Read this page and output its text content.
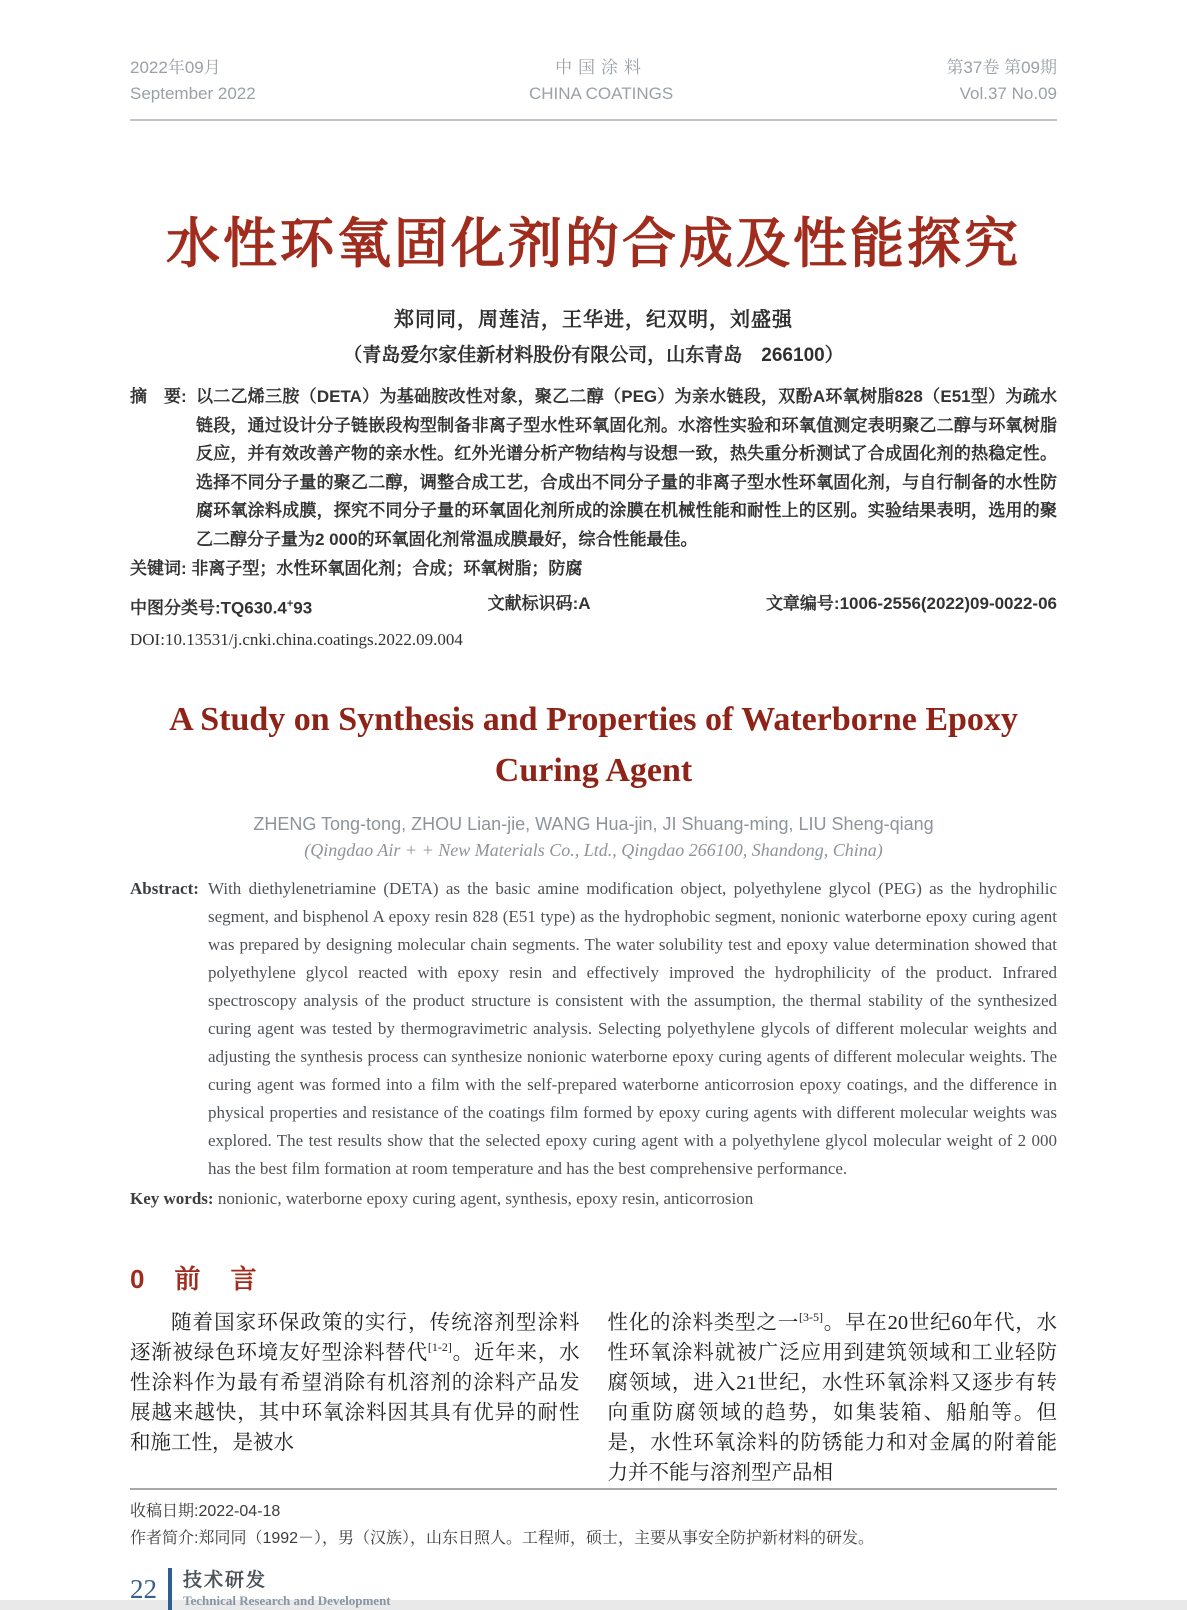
2022年09月
September 2022
中国涂料
CHINA COATINGS
第37卷 第09期
Vol.37 No.09
水性环氧固化剂的合成及性能探究
郑同同，周莲洁，王华进，纪双明，刘盛强
（青岛爱尔家佳新材料股份有限公司，山东青岛　266100）
摘　要: 以二乙烯三胺（DETA）为基础胺改性对象，聚乙二醇（PEG）为亲水链段，双酚A环氧树脂828（E51型）为疏水链段，通过设计分子链嵌段构型制备非离子型水性环氧固化剂。水溶性实验和环氧值测定表明聚乙二醇与环氧树脂反应，并有效改善产物的亲水性。红外光谱分析产物结构与设想一致，热失重分析测试了合成固化剂的热稳定性。选择不同分子量的聚乙二醇，调整合成工艺，合成出不同分子量的非离子型水性环氧固化剂，与自行制备的水性防腐环氧涂料成膜，探究不同分子量的环氧固化剂所成的涂膜在机械性能和耐性上的区别。实验结果表明，选用的聚乙二醇分子量为2 000的环氧固化剂常温成膜最好，综合性能最佳。
关键词: 非离子型；水性环氧固化剂；合成；环氧树脂；防腐
中图分类号:TQ630.4+93	文献标识码:A	文章编号:1006-2556(2022)09-0022-06
DOI:10.13531/j.cnki.china.coatings.2022.09.004
A Study on Synthesis and Properties of Waterborne Epoxy Curing Agent
ZHENG Tong-tong, ZHOU Lian-jie, WANG Hua-jin, JI Shuang-ming, LIU Sheng-qiang
(Qingdao Air + + New Materials Co., Ltd., Qingdao 266100, Shandong, China)
Abstract: With diethylenetriamine (DETA) as the basic amine modification object, polyethylene glycol (PEG) as the hydrophilic segment, and bisphenol A epoxy resin 828 (E51 type) as the hydrophobic segment, nonionic waterborne epoxy curing agent was prepared by designing molecular chain segments. The water solubility test and epoxy value determination showed that polyethylene glycol reacted with epoxy resin and effectively improved the hydrophilicity of the product. Infrared spectroscopy analysis of the product structure is consistent with the assumption, the thermal stability of the synthesized curing agent was tested by thermogravimetric analysis. Selecting polyethylene glycols of different molecular weights and adjusting the synthesis process can synthesize nonionic waterborne epoxy curing agents of different molecular weights. The curing agent was formed into a film with the self-prepared waterborne anticorrosion epoxy coatings, and the difference in physical properties and resistance of the coatings film formed by epoxy curing agents with different molecular weights was explored. The test results show that the selected epoxy curing agent with a polyethylene glycol molecular weight of 2 000 has the best film formation at room temperature and has the best comprehensive performance.
Key words: nonionic, waterborne epoxy curing agent, synthesis, epoxy resin, anticorrosion
0　前　言

随着国家环保政策的实行，传统溶剂型涂料逐渐被绿色环境友好型涂料替代[1-2]。近年来，水性涂料作为最有希望消除有机溶剂的涂料产品发展越来越快，其中环氧涂料因其具有优异的耐性和施工性，是被水

性化的涂料类型之一[3-5]。早在20世纪60年代，水性环氧涂料就被广泛应用到建筑领域和工业轻防腐领域，进入21世纪，水性环氧涂料又逐步有转向重防腐领域的趋势，如集装箱、船舶等。但是，水性环氧涂料的防锈能力和对金属的附着能力并不能与溶剂型产品相

收稿日期:2022-04-18
作者简介:郑同同（1992－），男（汉族），山东日照人。工程师，硕士，主要从事安全防护新材料的研发。
22 技术研发
Technical Research and Development
